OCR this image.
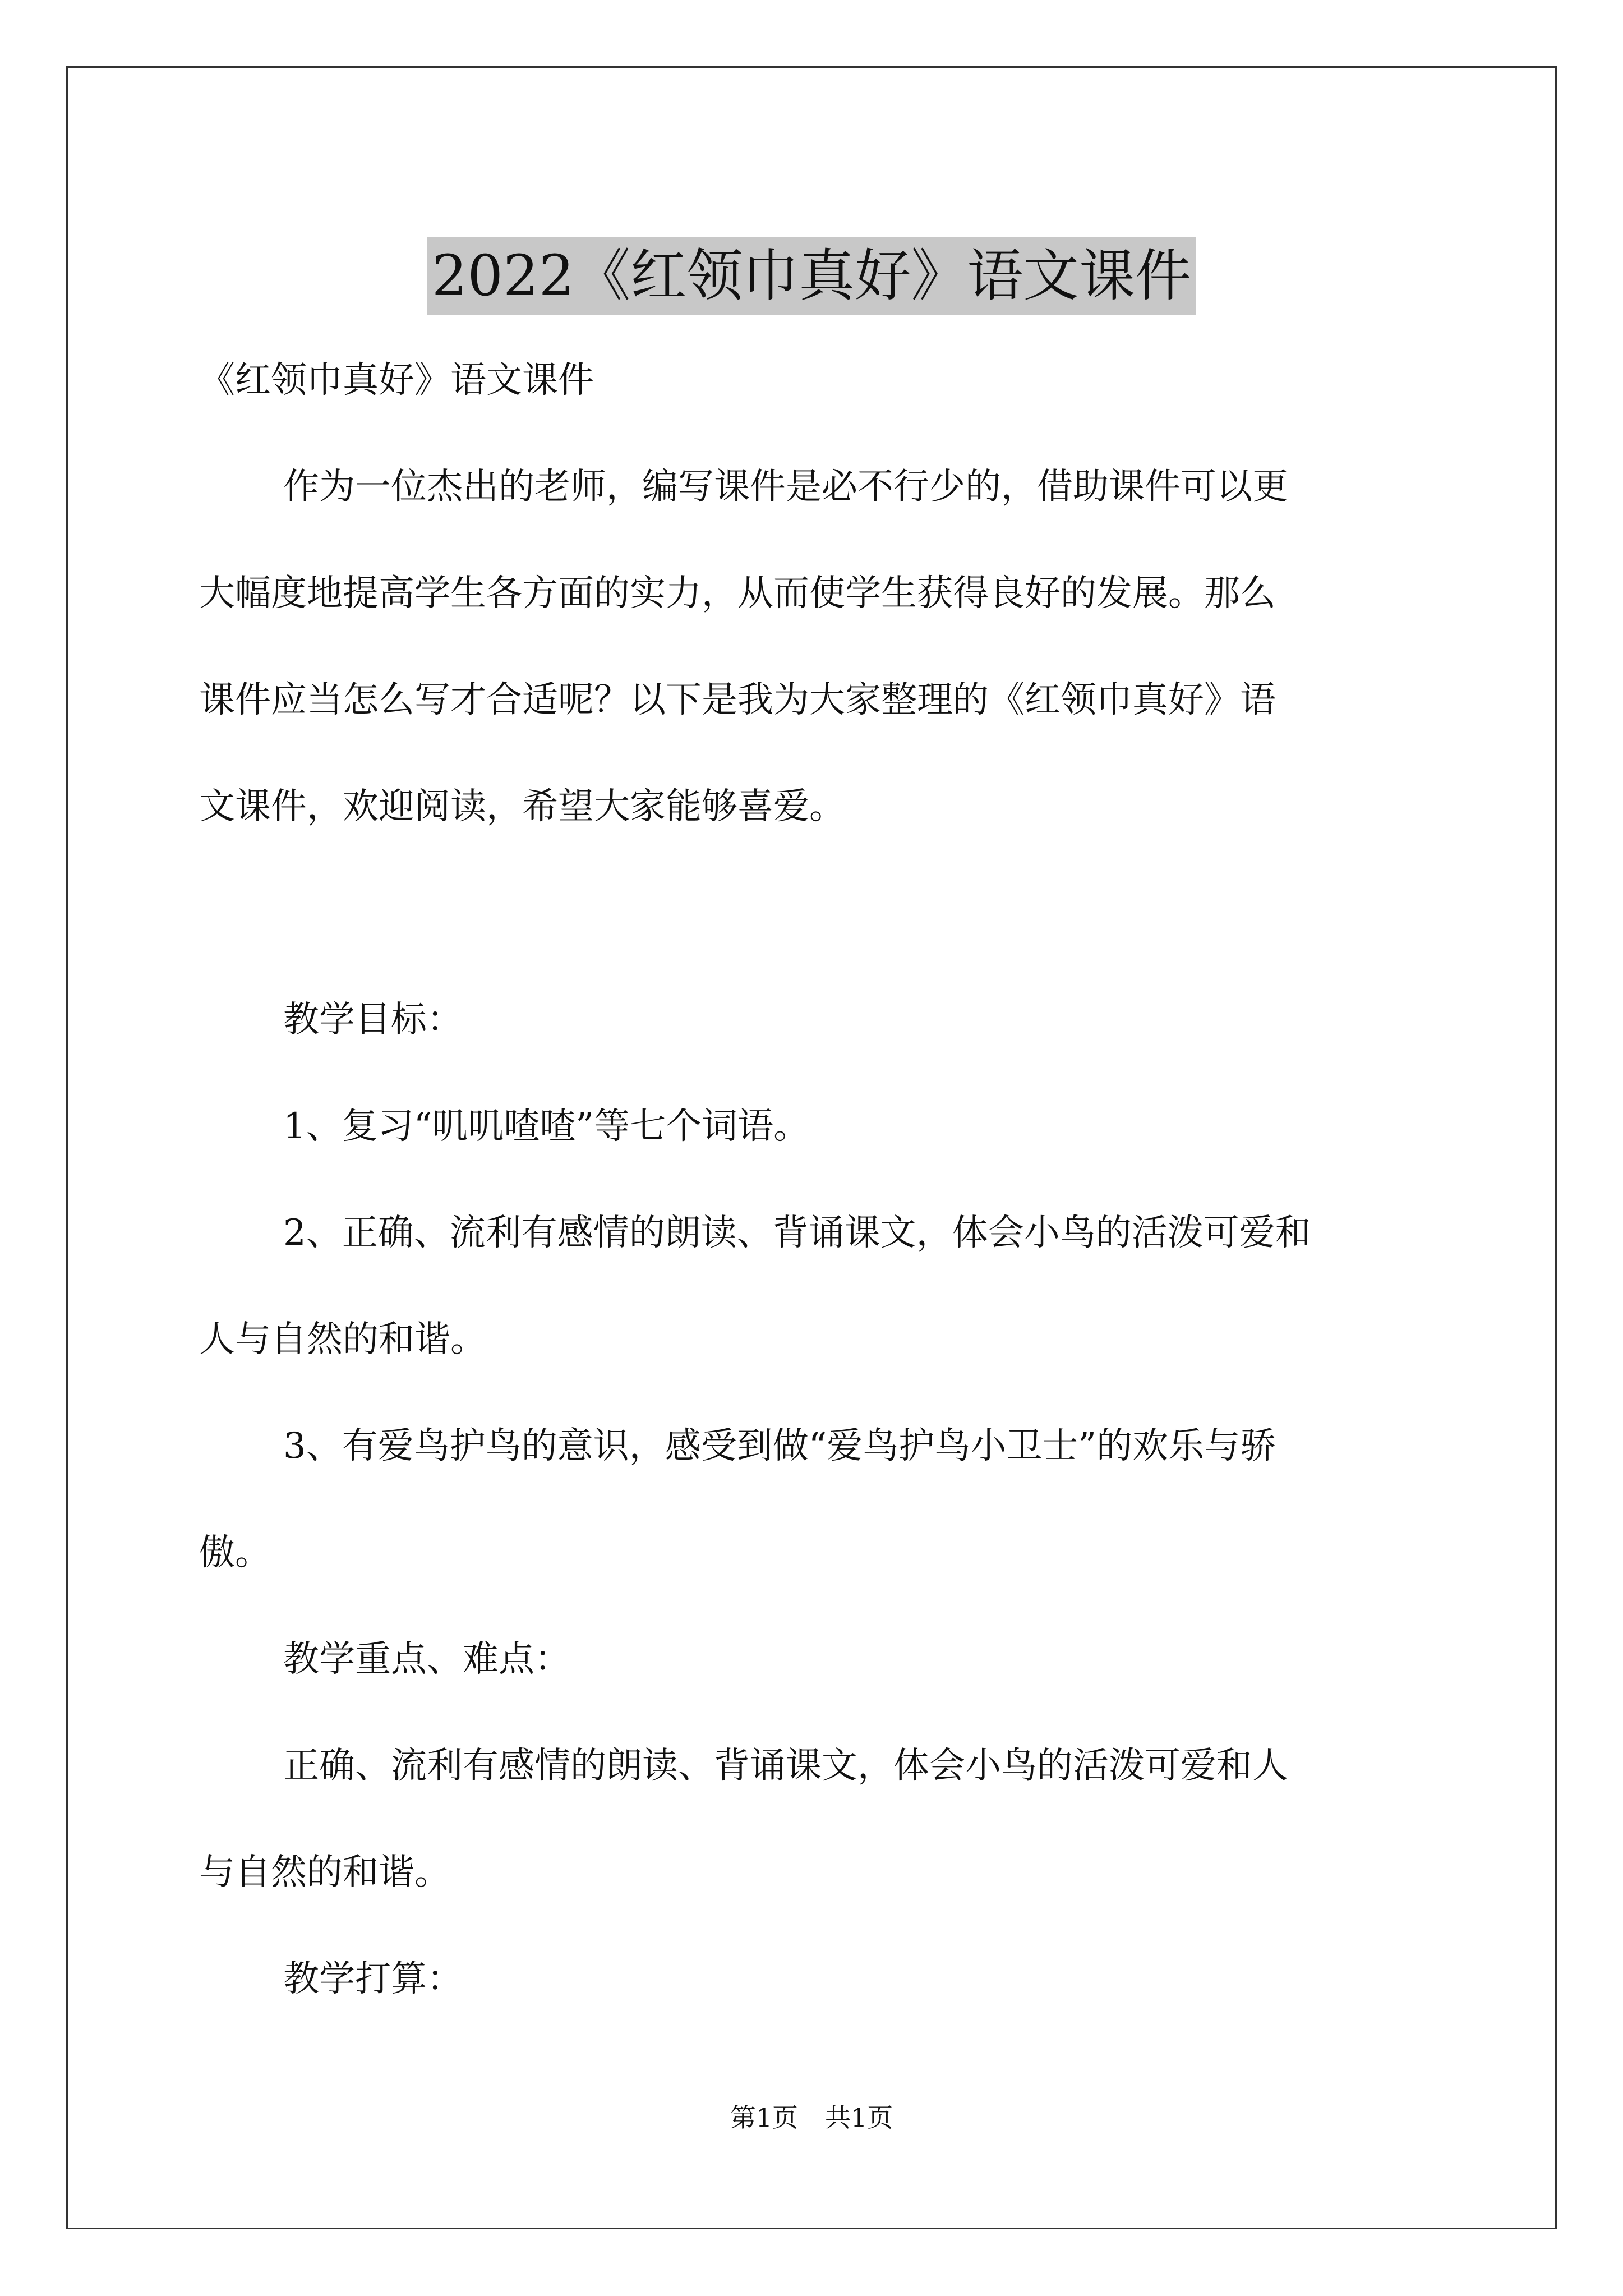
2022《红领巾真好》语文课件
《红领巾真好》语文课件
作为一位杰出的老师，编写课件是必不行少的，借助课件可以更
大幅度地提高学生各方面的实力，从而使学生获得良好的发展。那么
课件应当怎么写才合适呢？以下是我为大家整理的《红领巾真好》语
文课件，欢迎阅读，希望大家能够喜爱。
教学目标：
1、复习“叽叽喳喳”等七个词语。
2、正确、流利有感情的朗读、背诵课文，体会小鸟的活泼可爱和
人与自然的和谐。
3、有爱鸟护鸟的意识，感受到做“爱鸟护鸟小卫士”的欢乐与骄
傲。
教学重点、难点：
正确、流利有感情的朗读、背诵课文，体会小鸟的活泼可爱和人
与自然的和谐。
教学打算：
第1页 共1页
